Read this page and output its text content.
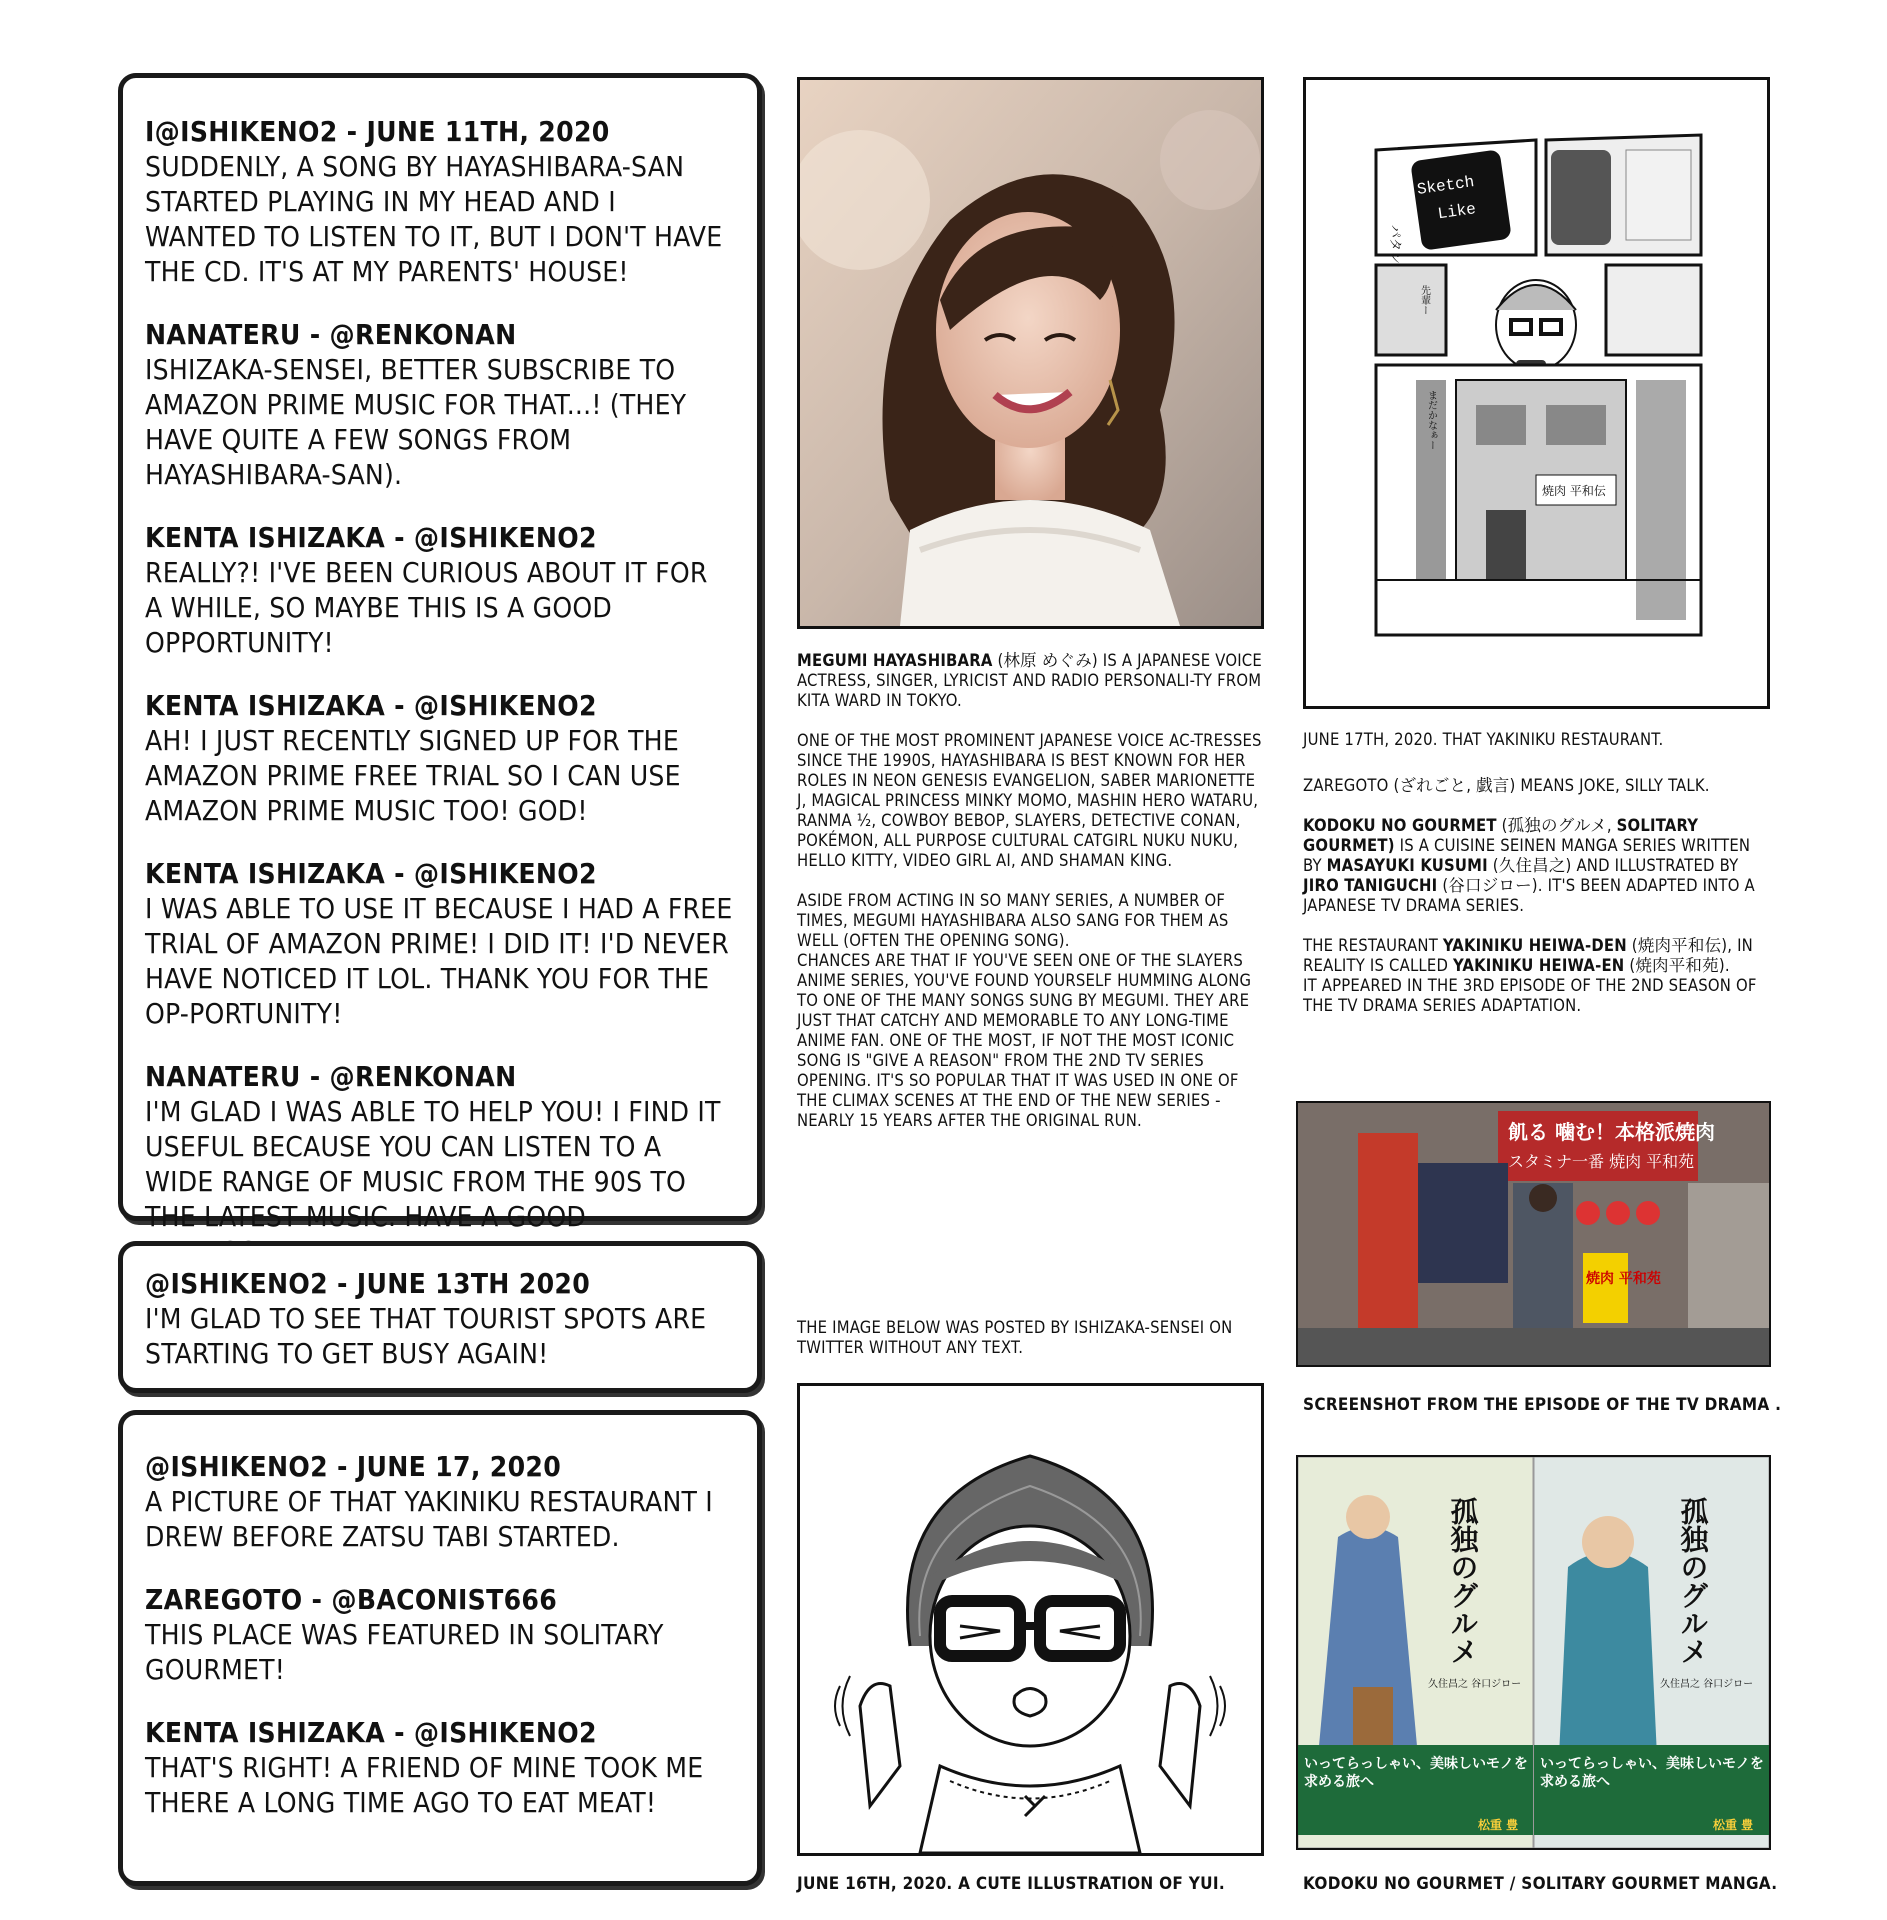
I@ISHIKENO2 - JUNE 11TH, 2020
SUDDENLY, A SONG BY HAYASHIBARA-SAN STARTED PLAYING IN MY HEAD AND I WANTED TO LISTEN TO IT, BUT I DON'T HAVE THE CD. IT'S AT MY PARENTS' HOUSE!
NANATERU - @RENKONAN
ISHIZAKA-SENSEI, BETTER SUBSCRIBE TO AMAZON PRIME MUSIC FOR THAT...! (THEY HAVE QUITE A FEW SONGS FROM HAYASHIBARA-SAN).
KENTA ISHIZAKA - @ISHIKENO2
REALLY?! I'VE BEEN CURIOUS ABOUT IT FOR A WHILE, SO MAYBE THIS IS A GOOD OPPORTUNITY!
KENTA ISHIZAKA - @ISHIKENO2
AH! I JUST RECENTLY SIGNED UP FOR THE AMAZON PRIME FREE TRIAL SO I CAN USE AMAZON PRIME MUSIC TOO! GOD!
KENTA ISHIZAKA - @ISHIKENO2
I WAS ABLE TO USE IT BECAUSE I HAD A FREE TRIAL OF AMAZON PRIME! I DID IT! I'D NEVER HAVE NOTICED IT LOL. THANK YOU FOR THE OP-PORTUNITY!
NANATERU - @RENKONAN
I'M GLAD I WAS ABLE TO HELP YOU! I FIND IT USEFUL BECAUSE YOU CAN LISTEN TO A WIDE RANGE OF MUSIC FROM THE 90S TO THE LATEST MUSIC. HAVE A GOOD
@ISHIKENO2 - JUNE 13TH 2020
I'M GLAD TO SEE THAT TOURIST SPOTS ARE STARTING TO GET BUSY AGAIN!
@ISHIKENO2 - JUNE 17, 2020
A PICTURE OF THAT YAKINIKU RESTAURANT I DREW BEFORE ZATSU TABI STARTED.
ZAREGOTO - @BACONIST666
THIS PLACE WAS FEATURED IN SOLITARY GOURMET!
KENTA ISHIZAKA - @ISHIKENO2
THAT'S RIGHT! A FRIEND OF MINE TOOK ME THERE A LONG TIME AGO TO EAT MEAT!

MEGUMI HAYASHIBARA (林原 めぐみ) IS A JAPANESE VOICE ACTRESS, SINGER, LYRICIST AND RADIO PERSONALI-TY FROM KITA WARD IN TOKYO.

ONE OF THE MOST PROMINENT JAPANESE VOICE AC-TRESSES SINCE THE 1990S, HAYASHIBARA IS BEST KNOWN FOR HER ROLES IN NEON GENESIS EVANGELION, SABER MARIONETTE J, MAGICAL PRINCESS MINKY MOMO, MASHIN HERO WATARU, RANMA ½, COWBOY BEBOP, SLAYERS, DETECTIVE CONAN, POKÉMON, ALL PURPOSE CULTURAL CATGIRL NUKU NUKU, HELLO KITTY, VIDEO GIRL AI, AND SHAMAN KING.

ASIDE FROM ACTING IN SO MANY SERIES, A NUMBER OF TIMES, MEGUMI HAYASHIBARA ALSO SANG FOR THEM AS WELL (OFTEN THE OPENING SONG).

CHANCES ARE THAT IF YOU'VE SEEN ONE OF THE SLAYERS ANIME SERIES, YOU'VE FOUND YOURSELF HUMMING ALONG TO ONE OF THE MANY SONGS SUNG BY MEGUMI. THEY ARE JUST THAT CATCHY AND MEMORABLE TO ANY LONG-TIME ANIME FAN. ONE OF THE MOST, IF NOT THE MOST ICONIC SONG IS "GIVE A REASON" FROM THE 2ND TV SERIES OPENING. IT'S SO POPULAR THAT IT WAS USED IN ONE OF THE CLIMAX SCENES AT THE END OF THE NEW SERIES - NEARLY 15 YEARS AFTER THE ORIGINAL RUN.

THE IMAGE BELOW WAS POSTED BY ISHIZAKA-SENSEI ON TWITTER WITHOUT ANY TEXT.

JUNE 16TH, 2020. A CUTE ILLUSTRATION OF YUI.
Sketch
Like
パタン
先輩ー
焼肉 平和伝
まだかなぁー
JUNE 17TH, 2020. THAT YAKINIKU RESTAURANT.

ZAREGOTO (ざれごと, 戯言) MEANS JOKE, SILLY TALK.

KODOKU NO GOURMET (孤独のグルメ, SOLITARY GOURMET) IS A CUISINE SEINEN MANGA SERIES WRITTEN BY MASAYUKI KUSUMI (久住昌之) AND ILLUSTRATED BY JIRO TANIGUCHI (谷口ジロー). IT'S BEEN ADAPTED INTO A JAPANESE TV DRAMA SERIES.

THE RESTAURANT YAKINIKU HEIWA-DEN (焼肉平和伝), IN REALITY IS CALLED YAKINIKU HEIWA-EN (焼肉平和苑).

IT APPEARED IN THE 3RD EPISODE OF THE 2ND SEASON OF THE TV DRAMA SERIES ADAPTATION.

飢る 噛む！本格派焼肉
スタミナ一番 焼肉 平和苑
焼肉 平和苑
SCREENSHOT FROM THE EPISODE OF THE TV DRAMA .
孤独のグルメ	孤独のグルメ
久住昌之 谷口ジロー	久住昌之 谷口ジロー
いってらっしゃい、美味しいモノを求める旅へ
いってらっしゃい、美味しいモノを求める旅へ
松重 豊	松重 豊
KODOKU NO GOURMET / SOLITARY GOURMET MANGA.
